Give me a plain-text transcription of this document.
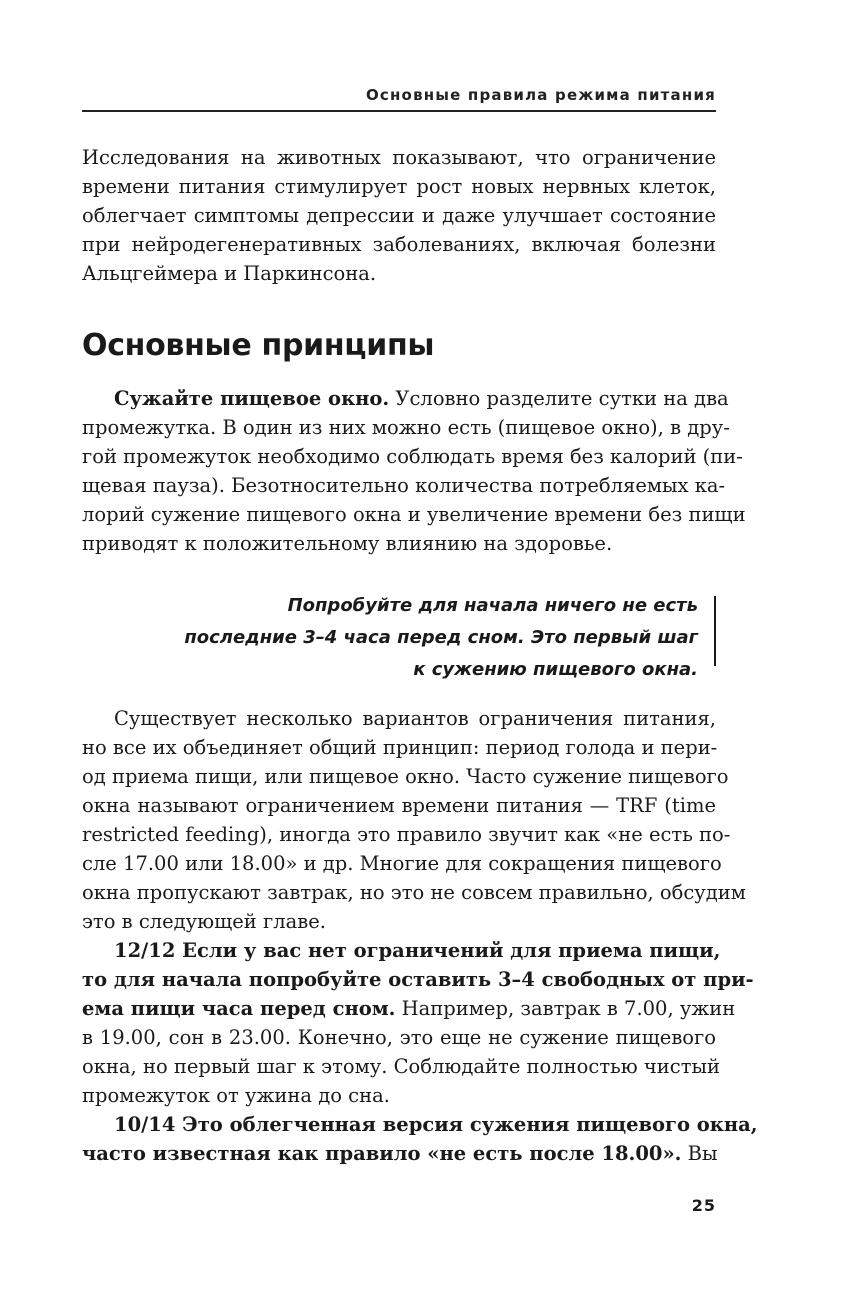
Основные правила режима питания
Исследования на животных показывают, что ограничение
времени питания стимулирует рост новых нервных клеток,
облегчает симптомы депрессии и даже улучшает состояние
при нейродегенеративных заболеваниях, включая болезни
Альцгеймера и Паркинсона.
Основные принципы
Сужайте пищевое окно. Условно разделите сутки на два
промежутка. В один из них можно есть (пищевое окно), в дру-
гой промежуток необходимо соблюдать время без калорий (пи-
щевая пауза). Безотносительно количества потребляемых ка-
лорий сужение пищевого окна и увеличение времени без пищи
приводят к положительному влиянию на здоровье.
Попробуйте для начала ничего не есть
последние 3–4 часа перед сном. Это первый шаг
к сужению пищевого окна.
Существует несколько вариантов ограничения питания,
но все их объединяет общий принцип: период голода и пери-
од приема пищи, или пищевое окно. Часто сужение пищевого
окна называют ограничением времени питания — TRF (time
restricted feeding), иногда это правило звучит как «не есть по-
сле 17.00 или 18.00» и др. Многие для сокращения пищевого
окна пропускают завтрак, но это не совсем правильно, обсудим
это в следующей главе.
12/12 Если у вас нет ограничений для приема пищи,
то для начала попробуйте оставить 3–4 свободных от при-
ема пищи часа перед сном. Например, завтрак в 7.00, ужин
в 19.00, сон в 23.00. Конечно, это еще не сужение пищевого
окна, но первый шаг к этому. Соблюдайте полностью чистый
промежуток от ужина до сна.
10/14 Это облегченная версия сужения пищевого окна,
часто известная как правило «не есть после 18.00». Вы
25
